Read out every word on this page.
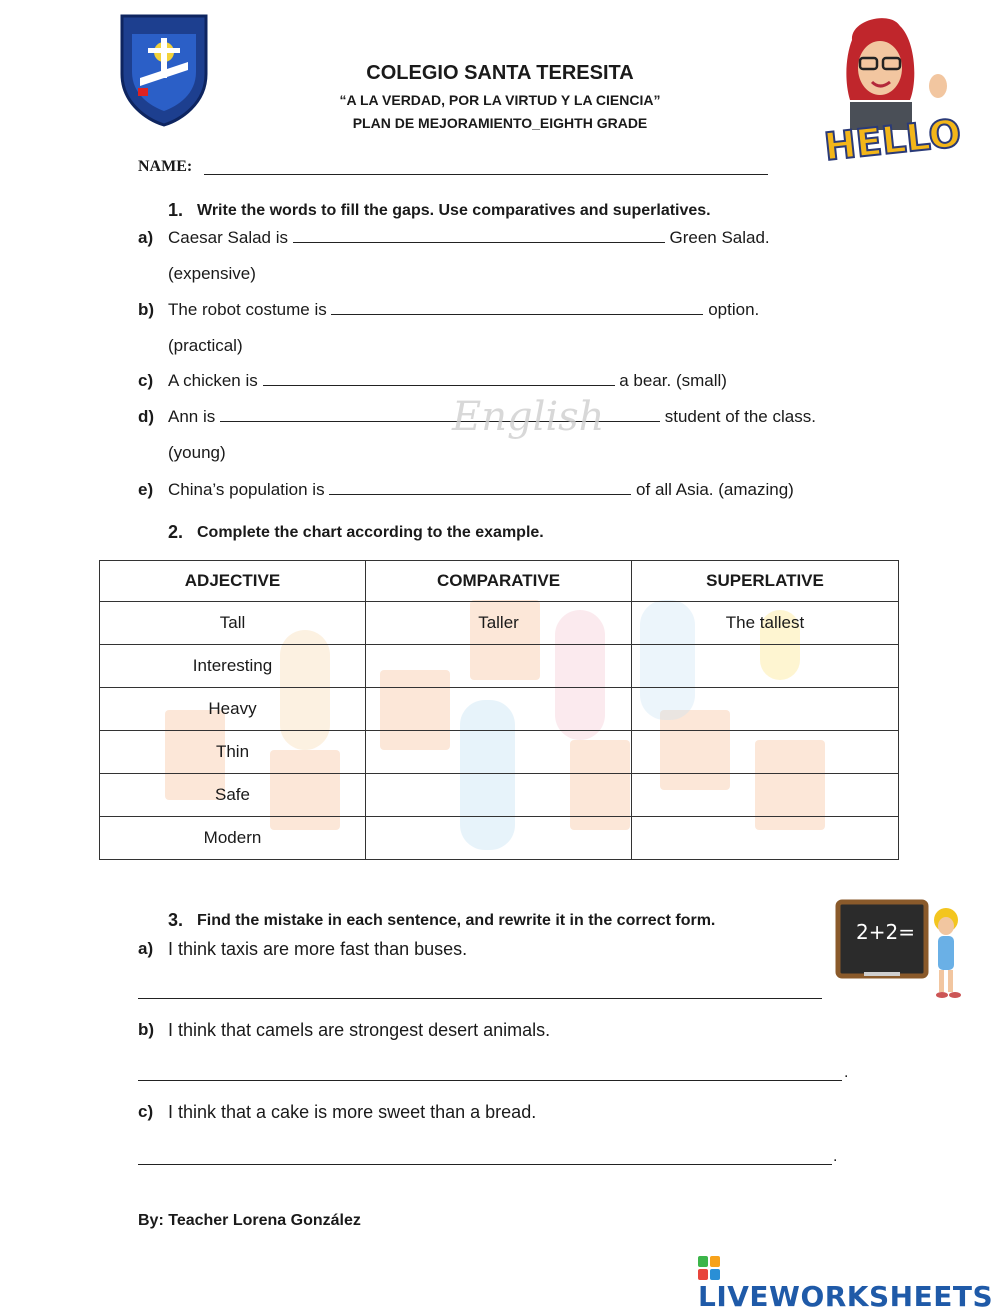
COLEGIO SANTA TERESITA
“A LA VERDAD, POR LA VIRTUD Y LA CIENCIA”
PLAN DE MEJORAMIENTO_EIGHTH GRADE	HELLO
NAME:
1. Write the words to fill the gaps. Use comparatives and superlatives.
a) Caesar Salad is	Green Salad.
(expensive)
b) The robot costume is	option.
(practical)
c) A chicken is	a bear. (small)
d) Ann is	student of the class.
(young)
English
e) China’s population is	of all Asia. (amazing)
2. Complete the chart according to the example.
ADJECTIVE	COMPARATIVE	SUPERLATIVE
Tall	Taller	The tallest
Interesting		
Heavy		
Thin		
Safe		
Modern		
3. Find the mistake in each sentence, and rewrite it in the correct form.	2+2=
a) I think taxis are more fast than buses.
b) I think that camels are strongest desert animals.
.
c) I think that a cake is more sweet than a bread.
.
By: Teacher Lorena González
LIVEWORKSHEETS
